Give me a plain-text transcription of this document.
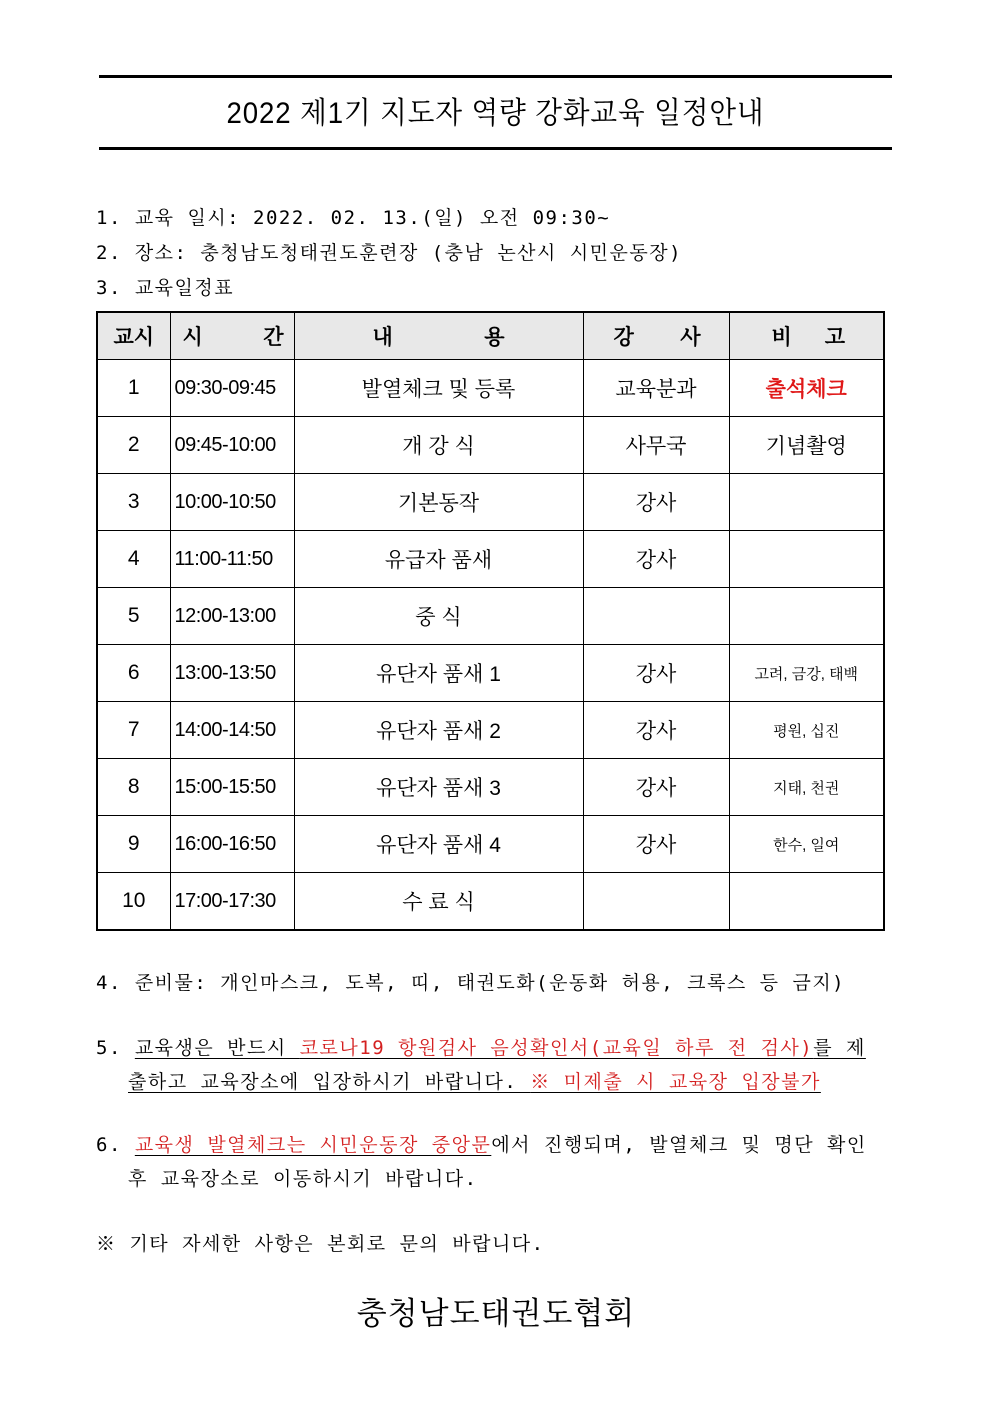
2022 제1기 지도자 역량 강화교육 일정안내
1. 교육 일시: 2022. 02. 13.(일) 오전 09:30~
2. 장소: 충청남도청태권도훈련장 (충남 논산시 시민운동장)
3. 교육일정표
교시	시 간	내 용	강 사	비 고

1	09:30-09:45	발열체크 및 등록	교육분과	출석체크
2	09:45-10:00	개 강 식	사무국	기념촬영
3	10:00-10:50	기본동작	강사	
4	11:00-11:50	유급자 품새	강사	
5	12:00-13:00	중 식		
6	13:00-13:50	유단자 품새 1	강사	고려, 금강, 태백
7	14:00-14:50	유단자 품새 2	강사	평원, 십진
8	15:00-15:50	유단자 품새 3	강사	지태, 천권
9	16:00-16:50	유단자 품새 4	강사	한수, 일여
10	17:00-17:30	수 료 식		
4. 준비물: 개인마스크, 도복, 띠, 태권도화(운동화 허용, 크록스 등 금지)
5. 교육생은 반드시 코로나19 항원검사 음성확인서(교육일 하루 전 검사)를 제
출하고 교육장소에 입장하시기 바랍니다. ※ 미제출 시 교육장 입장불가
6. 교육생 발열체크는 시민운동장 중앙문에서 진행되며, 발열체크 및 명단 확인
후 교육장소로 이동하시기 바랍니다.
※ 기타 자세한 사항은 본회로 문의 바랍니다.
충청남도태권도협회
